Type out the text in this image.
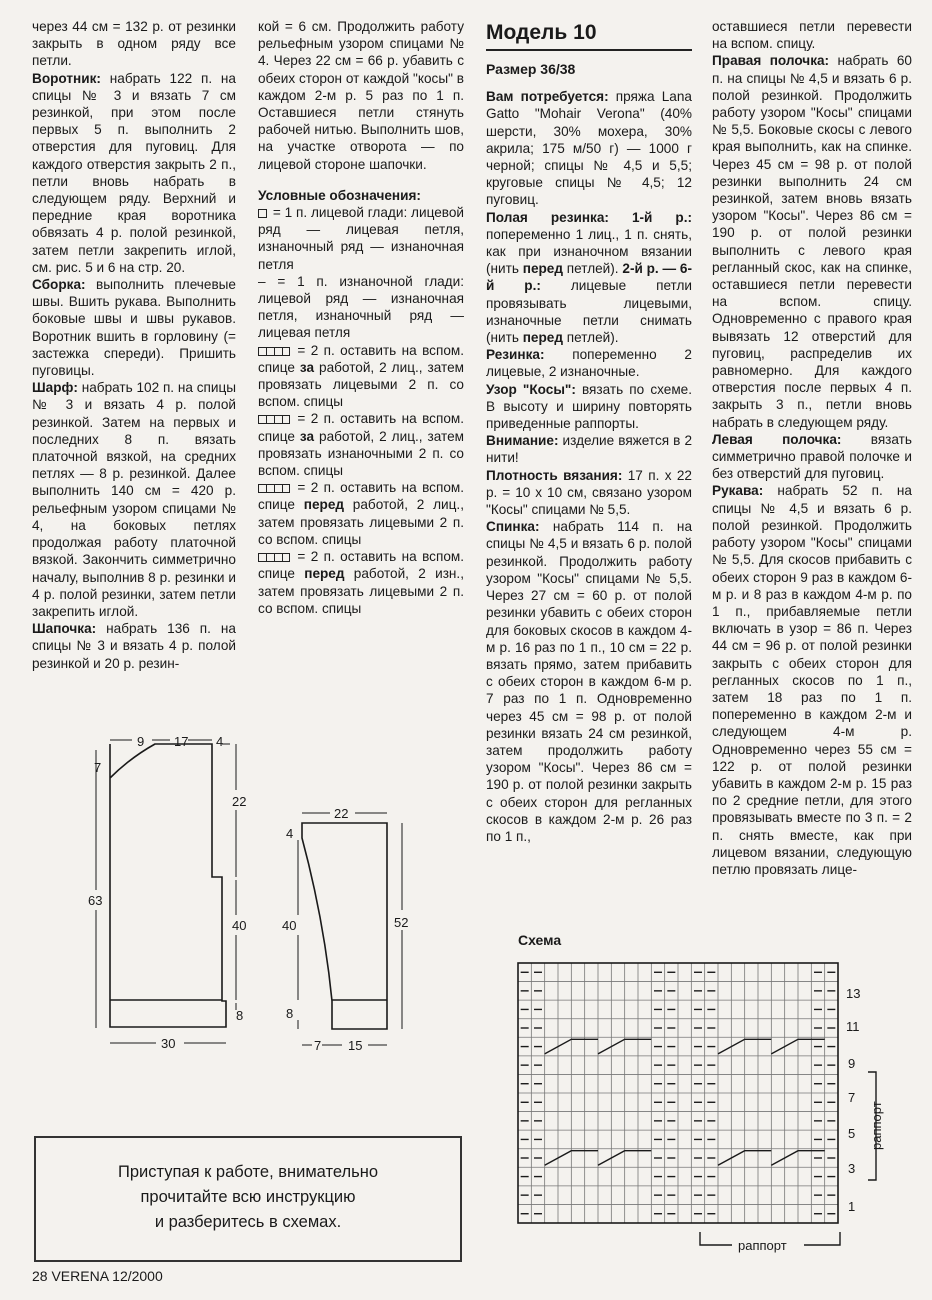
через 44 см = 132 р. от резинки закрыть в одном ряду все петли.

Воротник: набрать 122 п. на спицы № 3 и вязать 7 см резинкой, при этом после первых 5 п. выполнить 2 отверстия для пуговиц. Для каждого отверстия закрыть 2 п., петли вновь набрать в следующем ряду. Верхний и передние края воротника обвязать 4 р. полой резинкой, затем петли закрепить иглой, см. рис. 5 и 6 на стр. 20.

Сборка: выполнить плечевые швы. Вшить рукава. Выполнить боковые швы и швы рукавов. Воротник вшить в горловину (= застежка спереди). Пришить пуговицы.

Шарф: набрать 102 п. на спицы № 3 и вязать 4 р. полой резинкой. Затем на первых и последних 8 п. вязать платочной вязкой, на средних петлях — 8 р. резинкой. Далее выполнить 140 см = 420 р. рельефным узором спицами № 4, на боковых петлях продолжая работу платочной вязкой. Закончить симметрично началу, выполнив 8 р. резинки и 4 р. полой резинки, затем петли закрепить иглой.

Шапочка: набрать 136 п. на спицы № 3 и вязать 4 р. полой резинкой и 20 р. резин-

кой = 6 см. Продолжить работу рельефным узором спицами № 4. Через 22 см = 66 р. убавить с обеих сторон от каждой "косы" в каждом 2-м р. 5 раз по 1 п. Оставшиеся петли стянуть рабочей нитью. Выполнить шов, на участке отворота — по лицевой стороне шапочки.

Условные обозначения:

= 1 п. лицевой глади: лицевой ряд — лицевая петля, изнаночный ряд — изнаночная петля

– = 1 п. изнаночной глади: лицевой ряд — изнаночная петля, изнаночный ряд — лицевая петля

= 2 п. оставить на вспом. спице за работой, 2 лиц., затем провязать лицевыми 2 п. со вспом. спицы

= 2 п. оставить на вспом. спице за работой, 2 лиц., затем провязать изнаночными 2 п. со вспом. спицы

= 2 п. оставить на вспом. спице перед работой, 2 лиц., затем провязать лицевыми 2 п. со вспом. спицы

= 2 п. оставить на вспом. спице перед работой, 2 изн., затем провязать лицевыми 2 п. со вспом. спицы

Модель 10

Размер 36/38

Вам потребуется: пряжа Lana Gatto "Mohair Verona" (40% шерсти, 30% мохера, 30% акрила; 175 м/50 г) — 1000 г черной; спицы № 4,5 и 5,5; круговые спицы № 4,5; 12 пуговиц.

Полая резинка: 1-й р.: попеременно 1 лиц., 1 п. снять, как при изнаночном вязании (нить перед петлей). 2-й р. — 6-й р.: лицевые петли провязывать лицевыми, изнаночные петли снимать (нить перед петлей).

Резинка: попеременно 2 лицевые, 2 изнаночные.

Узор "Косы": вязать по схеме. В высоту и ширину повторять приведенные раппорты.

Внимание: изделие вяжется в 2 нити!

Плотность вязания: 17 п. х 22 р. = 10 х 10 см, связано узором "Косы" спицами № 5,5.

Спинка: набрать 114 п. на спицы № 4,5 и вязать 6 р. полой резинкой. Продолжить работу узором "Косы" спицами № 5,5. Через 27 см = 60 р. от полой резинки убавить с обеих сторон для боковых скосов в каждом 4-м р. 16 раз по 1 п., 10 см = 22 р. вязать прямо, затем прибавить с обеих сторон в каждом 6-м р. 7 раз по 1 п. Одновременно через 45 см = 98 р. от полой резинки вязать 24 см резинкой, затем продолжить работу узором "Косы". Через 86 см = 190 р. от полой резинки закрыть с обеих сторон для регланных скосов в каждом 2-м р. 26 раз по 1 п.,

оставшиеся петли перевести на вспом. спицу.

Правая полочка: набрать 60 п. на спицы № 4,5 и вязать 6 р. полой резинкой. Продолжить работу узором "Косы" спицами № 5,5. Боковые скосы с левого края выполнить, как на спинке. Через 45 см = 98 р. от полой резинки выполнить 24 см резинкой, затем вновь вязать узором "Косы". Через 86 см = 190 р. от полой резинки выполнить с левого края регланный скос, как на спинке, оставшиеся петли перевести на вспом. спицу. Одновременно с правого края вывязать 12 отверстий для пуговиц, распределив их равномерно. Для каждого отверстия после первых 4 п. закрыть 3 п., петли вновь набрать в следующем ряду.

Левая полочка: вязать симметрично правой полочке и без отверстий для пуговиц.

Рукава: набрать 52 п. на спицы № 4,5 и вязать 6 р. полой резинкой. Продолжить работу узором "Косы" спицами № 5,5. Для скосов прибавить с обеих сторон 9 раз в каждом 6-м р. и 8 раз в каждом 4-м р. по 1 п., прибавляемые петли включать в узор = 86 п. Через 44 см = 96 р. от полой резинки закрыть с обеих сторон для регланных скосов по 1 п., затем 18 раз по 1 п. попеременно в каждом 2-м и следующем 4-м р. Одновременно через 55 см = 122 р. от полой резинки убавить в каждом 2-м р. 15 раз по 2 средние петли, для этого провязывать вместе по 3 п. = 2 п. снять вместе, как при лицевом вязании, следующую петлю провязать лице-

9 17 4
7
22
63
40
8
30
22
4
40	52
8
7 15
Схема
13
11
9
7
5
3
1
раппорт
раппорт
Приступая к работе, внимательно
прочитайте всю инструкцию
и разберитесь в схемах.
28 VERENA 12/2000
